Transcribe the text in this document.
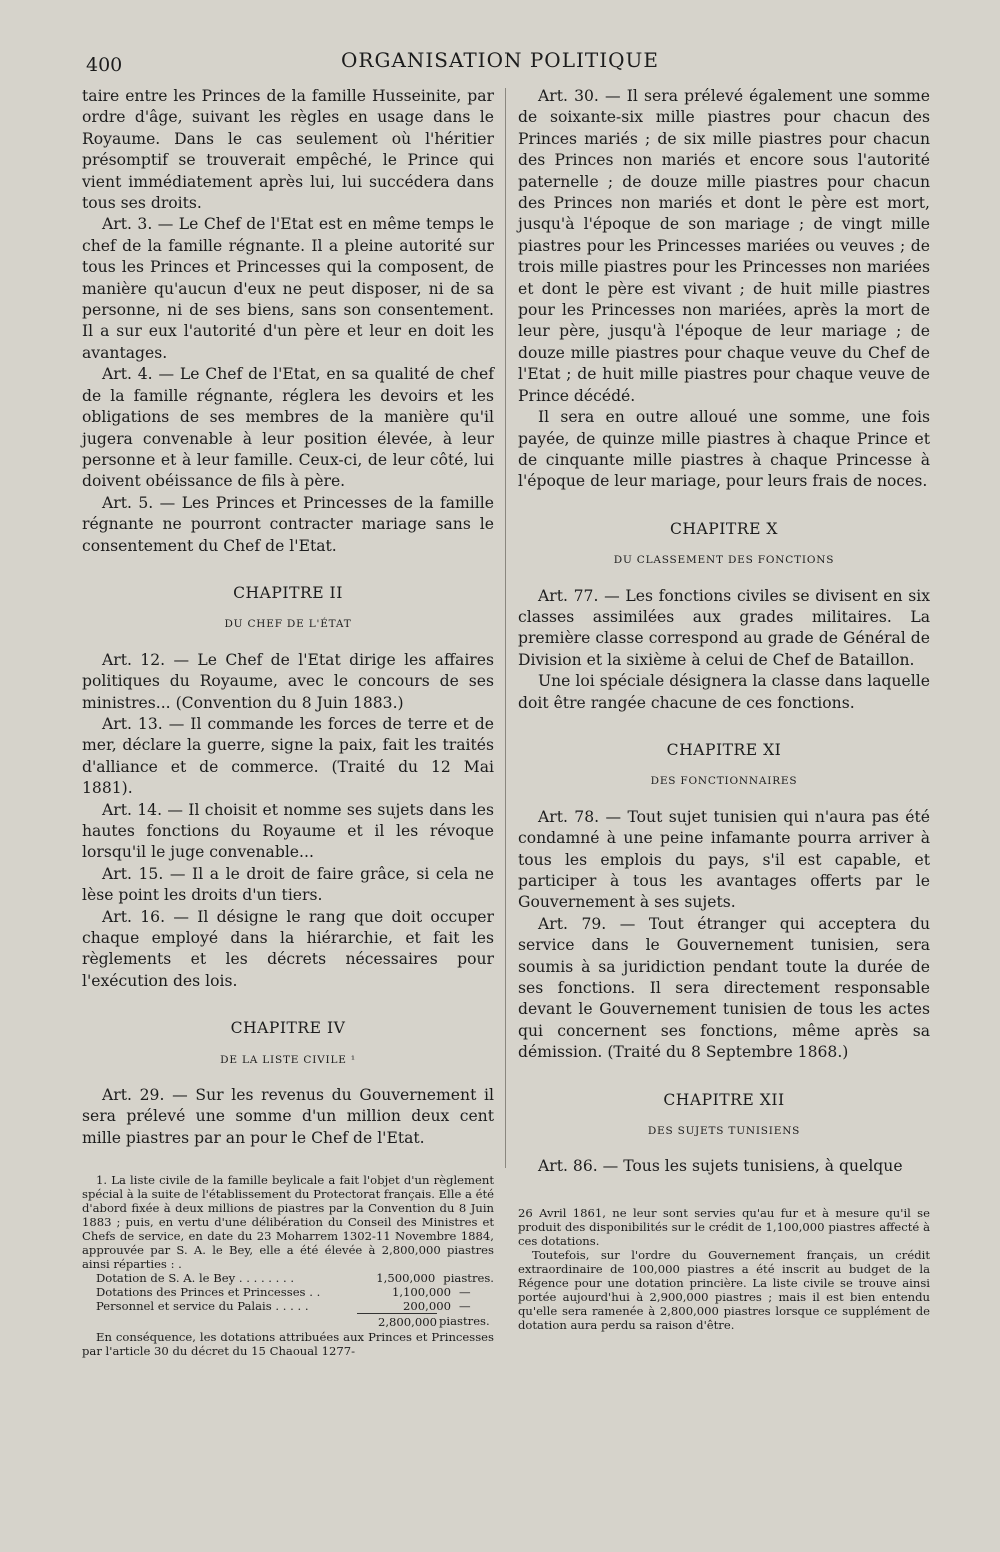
400	ORGANISATION POLITIQUE

taire entre les Princes de la famille Husseinite, par ordre d'âge, suivant les règles en usage dans le Royaume. Dans le cas seulement où l'héritier présomptif se trouverait empêché, le Prince qui vient immédiatement après lui, lui succédera dans tous ses droits.

Art. 3. — Le Chef de l'Etat est en même temps le chef de la famille régnante. Il a pleine autorité sur tous les Princes et Princesses qui la composent, de manière qu'aucun d'eux ne peut disposer, ni de sa personne, ni de ses biens, sans son consentement. Il a sur eux l'autorité d'un père et leur en doit les avantages.

Art. 4. — Le Chef de l'Etat, en sa qualité de chef de la famille régnante, réglera les devoirs et les obligations de ses membres de la manière qu'il jugera convenable à leur position élevée, à leur personne et à leur famille. Ceux-ci, de leur côté, lui doivent obéissance de fils à père.

Art. 5. — Les Princes et Princesses de la famille régnante ne pourront contracter mariage sans le consentement du Chef de l'Etat.

CHAPITRE II
DU CHEF DE L'ÉTAT

Art. 12. — Le Chef de l'Etat dirige les affaires politiques du Royaume, avec le concours de ses ministres... (Convention du 8 Juin 1883.)

Art. 13. — Il commande les forces de terre et de mer, déclare la guerre, signe la paix, fait les traités d'alliance et de commerce. (Traité du 12 Mai 1881).

Art. 14. — Il choisit et nomme ses sujets dans les hautes fonctions du Royaume et il les révoque lorsqu'il le juge convenable...

Art. 15. — Il a le droit de faire grâce, si cela ne lèse point les droits d'un tiers.

Art. 16. — Il désigne le rang que doit occuper chaque employé dans la hiérarchie, et fait les règlements et les décrets nécessaires pour l'exécution des lois.

CHAPITRE IV
DE LA LISTE CIVILE ¹

Art. 29. — Sur les revenus du Gouvernement il sera prélevé une somme d'un million deux cent mille piastres par an pour le Chef de l'Etat.

1. La liste civile de la famille beylicale a fait l'objet d'un règlement spécial à la suite de l'établissement du Protectorat français. Elle a été d'abord fixée à deux millions de piastres par la Convention du 8 Juin 1883 ; puis, en vertu d'une délibération du Conseil des Ministres et Chefs de service, en date du 23 Moharrem 1302-11 Novembre 1884, approuvée par S. A. le Bey, elle a été élevée à 2,800,000 piastres ainsi réparties : .

Dotation de S. A. le Bey . . . . . . . .	1,500,000 piastres.
Dotations des Princes et Princesses . .	1,100,000 —
Personnel et service du Palais . . . . .	200,000 —
2,800,000 piastres.

En conséquence, les dotations attribuées aux Princes et Princesses par l'article 30 du décret du 15 Chaoual 1277-

Art. 30. — Il sera prélevé également une somme de soixante-six mille piastres pour chacun des Princes mariés ; de six mille piastres pour chacun des Princes non mariés et encore sous l'autorité paternelle ; de douze mille piastres pour chacun des Princes non mariés et dont le père est mort, jusqu'à l'époque de son mariage ; de vingt mille piastres pour les Princesses mariées ou veuves ; de trois mille piastres pour les Princesses non mariées et dont le père est vivant ; de huit mille piastres pour les Princesses non mariées, après la mort de leur père, jusqu'à l'époque de leur mariage ; de douze mille piastres pour chaque veuve du Chef de l'Etat ; de huit mille piastres pour chaque veuve de Prince décédé.

Il sera en outre alloué une somme, une fois payée, de quinze mille piastres à chaque Prince et de cinquante mille piastres à chaque Princesse à l'époque de leur mariage, pour leurs frais de noces.

CHAPITRE X
DU CLASSEMENT DES FONCTIONS

Art. 77. — Les fonctions civiles se divisent en six classes assimilées aux grades militaires. La première classe correspond au grade de Général de Division et la sixième à celui de Chef de Bataillon.

Une loi spéciale désignera la classe dans laquelle doit être rangée chacune de ces fonctions.

CHAPITRE XI
DES FONCTIONNAIRES

Art. 78. — Tout sujet tunisien qui n'aura pas été condamné à une peine infamante pourra arriver à tous les emplois du pays, s'il est capable, et participer à tous les avantages offerts par le Gouvernement à ses sujets.

Art. 79. — Tout étranger qui acceptera du service dans le Gouvernement tunisien, sera soumis à sa juridiction pendant toute la durée de ses fonctions. Il sera directement responsable devant le Gouvernement tunisien de tous les actes qui concernent ses fonctions, même après sa démission. (Traité du 8 Septembre 1868.)

CHAPITRE XII
DES SUJETS TUNISIENS

Art. 86. — Tous les sujets tunisiens, à quelque

26 Avril 1861, ne leur sont servies qu'au fur et à mesure qu'il se produit des disponibilités sur le crédit de 1,100,000 piastres affecté à ces dotations.

Toutefois, sur l'ordre du Gouvernement français, un crédit extraordinaire de 100,000 piastres a été inscrit au budget de la Régence pour une dotation princière. La liste civile se trouve ainsi portée aujourd'hui à 2,900,000 piastres ; mais il est bien entendu qu'elle sera ramenée à 2,800,000 piastres lorsque ce supplément de dotation aura perdu sa raison d'être.
